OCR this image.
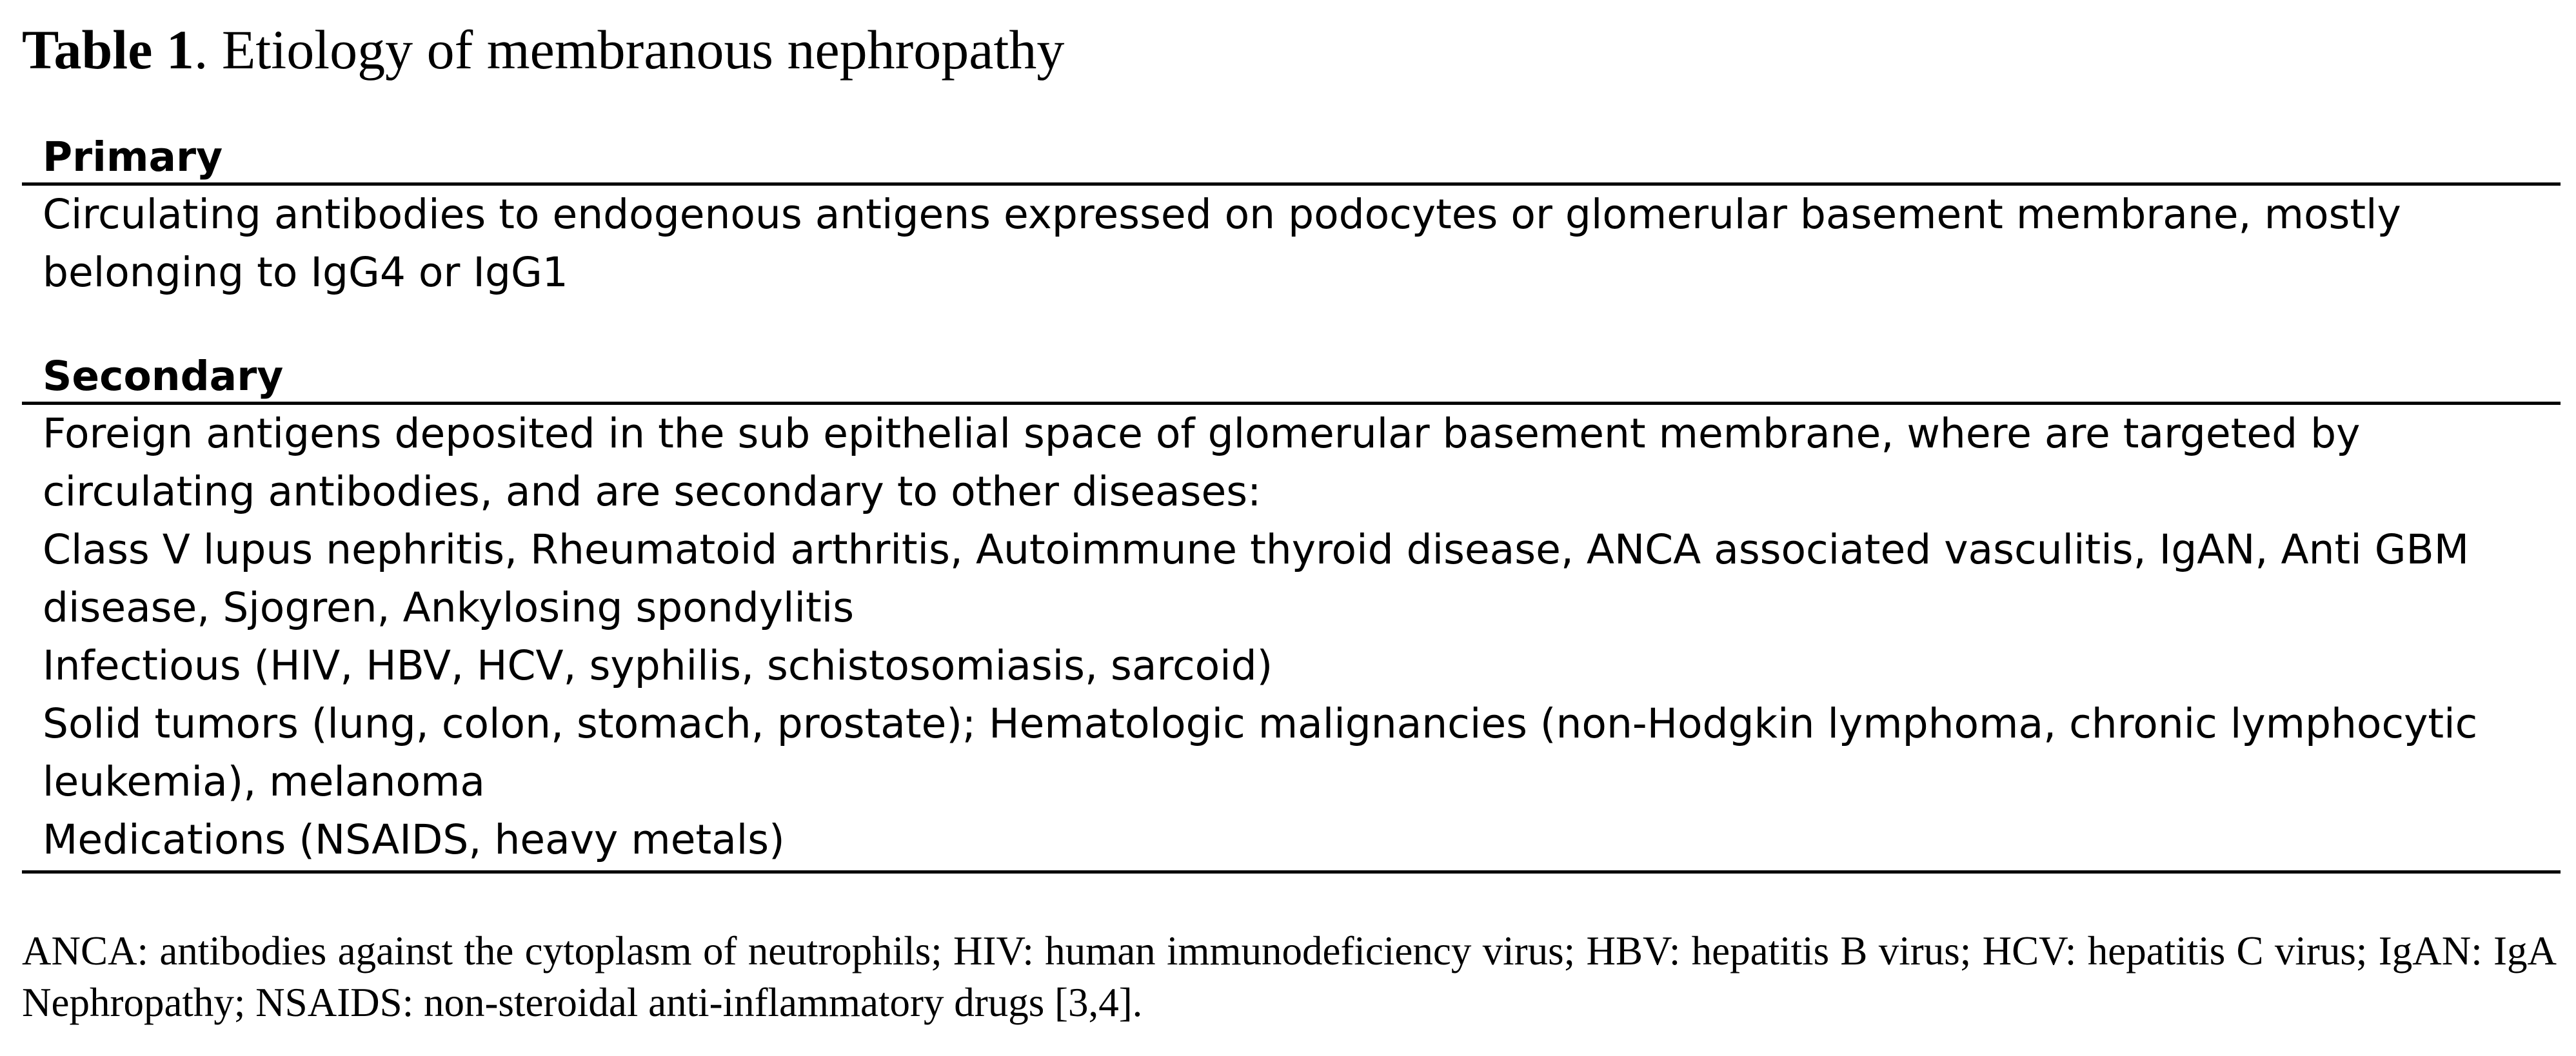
Table 1. Etiology of membranous nephropathy
Primary

Circulating antibodies to endogenous antigens expressed on podocytes or glomerular basement membrane, mostly belonging to IgG4 or IgG1

Secondary

Foreign antigens deposited in the sub epithelial space of glomerular basement membrane, where are targeted by circulating antibodies, and are secondary to other diseases:

Class V lupus nephritis, Rheumatoid arthritis, Autoimmune thyroid disease, ANCA associated vasculitis, IgAN, Anti GBM disease, Sjogren, Ankylosing spondylitis

Infectious (HIV, HBV, HCV, syphilis, schistosomiasis, sarcoid)

Solid tumors (lung, colon, stomach, prostate); Hematologic malignancies (non-Hodgkin lymphoma, chronic lymphocytic leukemia), melanoma

Medications (NSAIDS, heavy metals)

ANCA: antibodies against the cytoplasm of neutrophils; HIV: human immunodeficiency virus; HBV: hepatitis B virus; HCV: hepatitis C virus; IgAN: IgA Nephropathy; NSAIDS: non-steroidal anti-inflammatory drugs [3,4].
